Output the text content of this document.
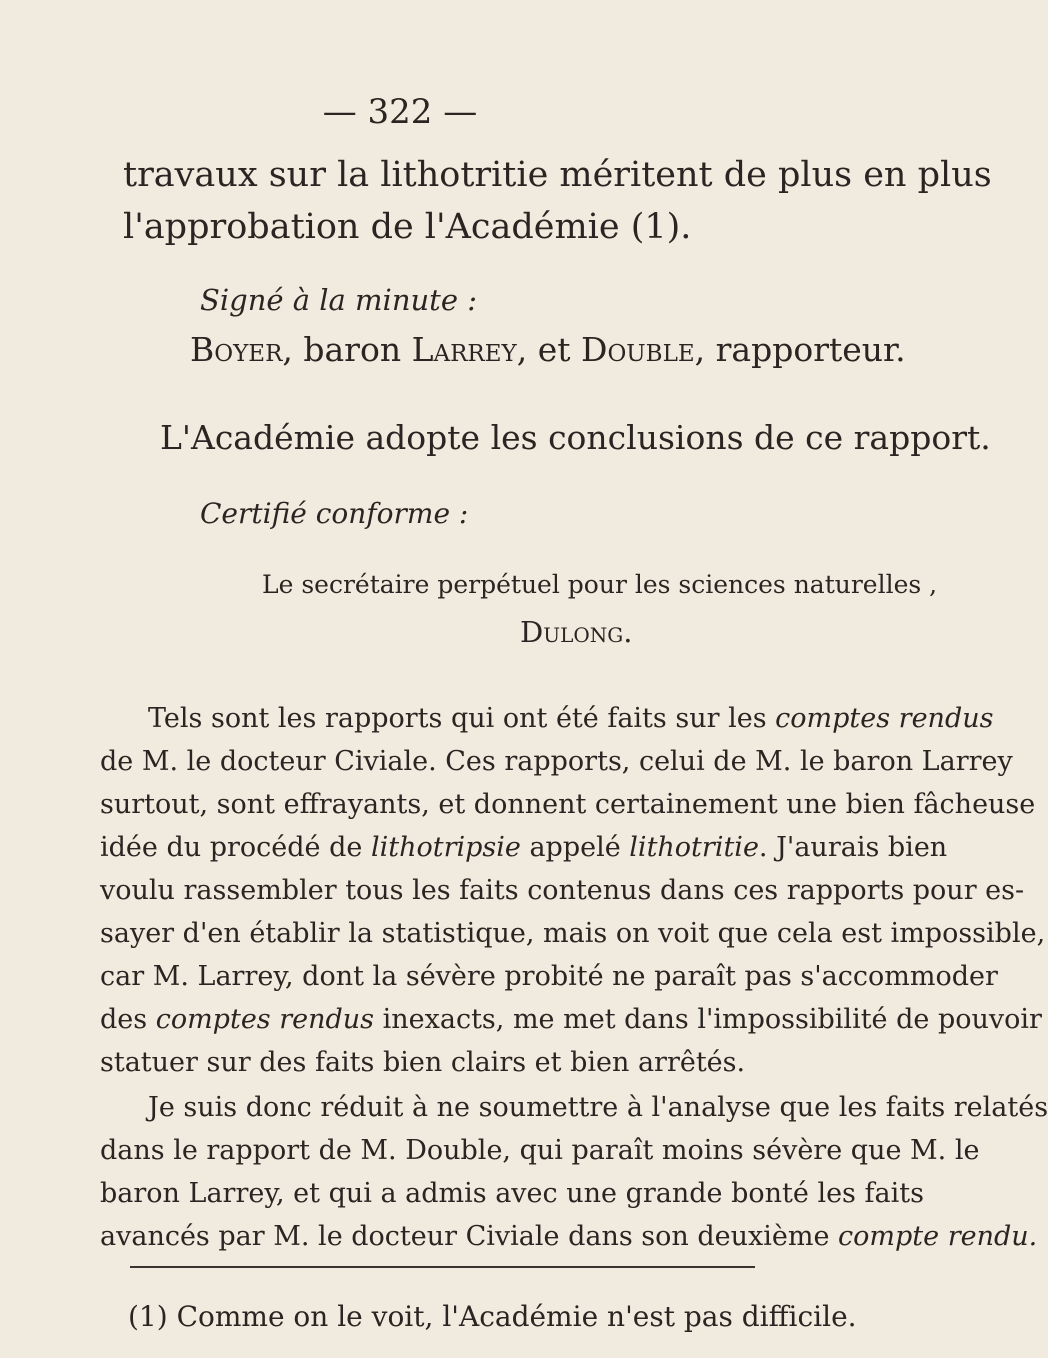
— 322 —
travaux sur la lithotritie méritent de plus en plus
l'approbation de l'Académie (1).
Signé à la minute :
Boyer, baron Larrey, et Double, rapporteur.
L'Académie adopte les conclusions de ce rapport.
Certifié conforme :
Le secrétaire perpétuel pour les sciences naturelles ,
Dulong.
Tels sont les rapports qui ont été faits sur les comptes rendus
de M. le docteur Civiale. Ces rapports, celui de M. le baron Larrey
surtout, sont effrayants, et donnent certainement une bien fâcheuse
idée du procédé de lithotripsie appelé lithotritie. J'aurais bien
voulu rassembler tous les faits contenus dans ces rapports pour es-
sayer d'en établir la statistique, mais on voit que cela est impossible,
car M. Larrey, dont la sévère probité ne paraît pas s'accommoder
des comptes rendus inexacts, me met dans l'impossibilité de pouvoir
statuer sur des faits bien clairs et bien arrêtés.
Je suis donc réduit à ne soumettre à l'analyse que les faits relatés
dans le rapport de M. Double, qui paraît moins sévère que M. le
baron Larrey, et qui a admis avec une grande bonté les faits
avancés par M. le docteur Civiale dans son deuxième compte rendu.
(1) Comme on le voit, l'Académie n'est pas difficile.
